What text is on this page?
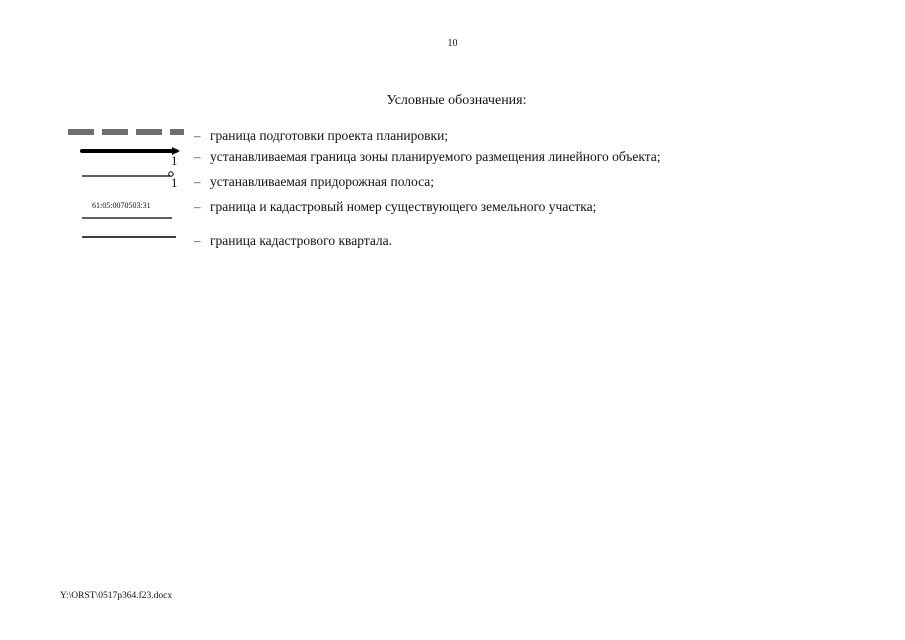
10
Условные обозначения:
– граница подготовки проекта планировки;
1 – устанавливаемая граница зоны планируемого размещения линейного объекта;
1 – устанавливаемая придорожная полоса;
61:05:0070503:31	– граница и кадастровый номер существующего земельного участка;
– граница кадастрового квартала.
Y:\ORST\0517p364.f23.docx
